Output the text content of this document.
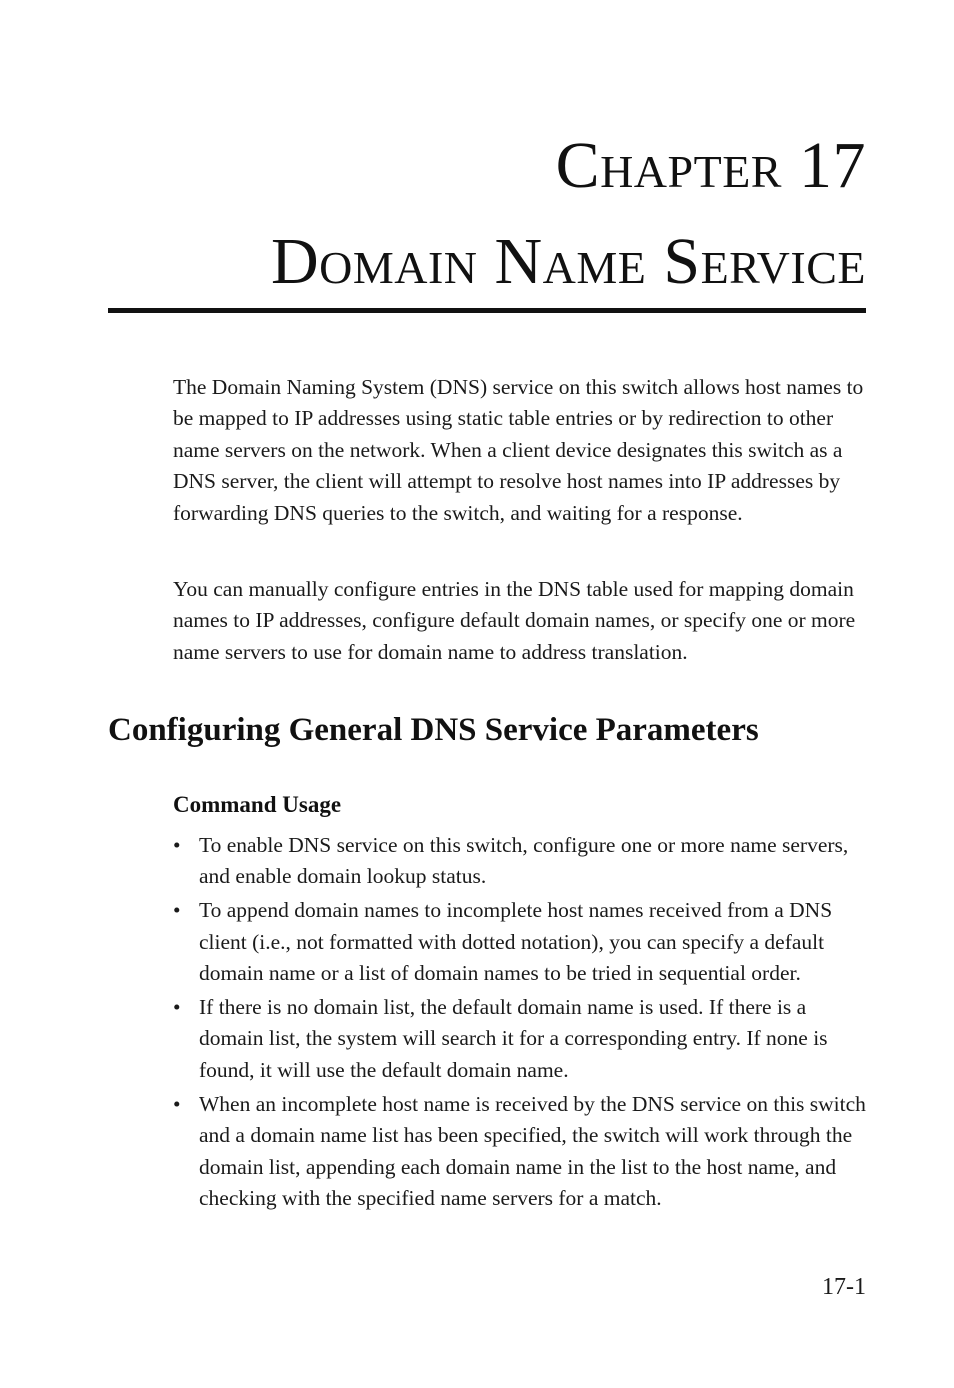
Chapter 17
Domain Name Service

The Domain Naming System (DNS) service on this switch allows host names to be mapped to IP addresses using static table entries or by redirection to other name servers on the network. When a client device designates this switch as a DNS server, the client will attempt to resolve host names into IP addresses by forwarding DNS queries to the switch, and waiting for a response.

You can manually configure entries in the DNS table used for mapping domain names to IP addresses, configure default domain names, or specify one or more name servers to use for domain name to address translation.

Configuring General DNS Service Parameters
Command Usage
• To enable DNS service on this switch, configure one or more name servers, and enable domain lookup status.
• To append domain names to incomplete host names received from a DNS client (i.e., not formatted with dotted notation), you can specify a default domain name or a list of domain names to be tried in sequential order.
• If there is no domain list, the default domain name is used. If there is a domain list, the system will search it for a corresponding entry. If none is found, it will use the default domain name.
• When an incomplete host name is received by the DNS service on this switch and a domain name list has been specified, the switch will work through the domain list, appending each domain name in the list to the host name, and checking with the specified name servers for a match.

17-1
